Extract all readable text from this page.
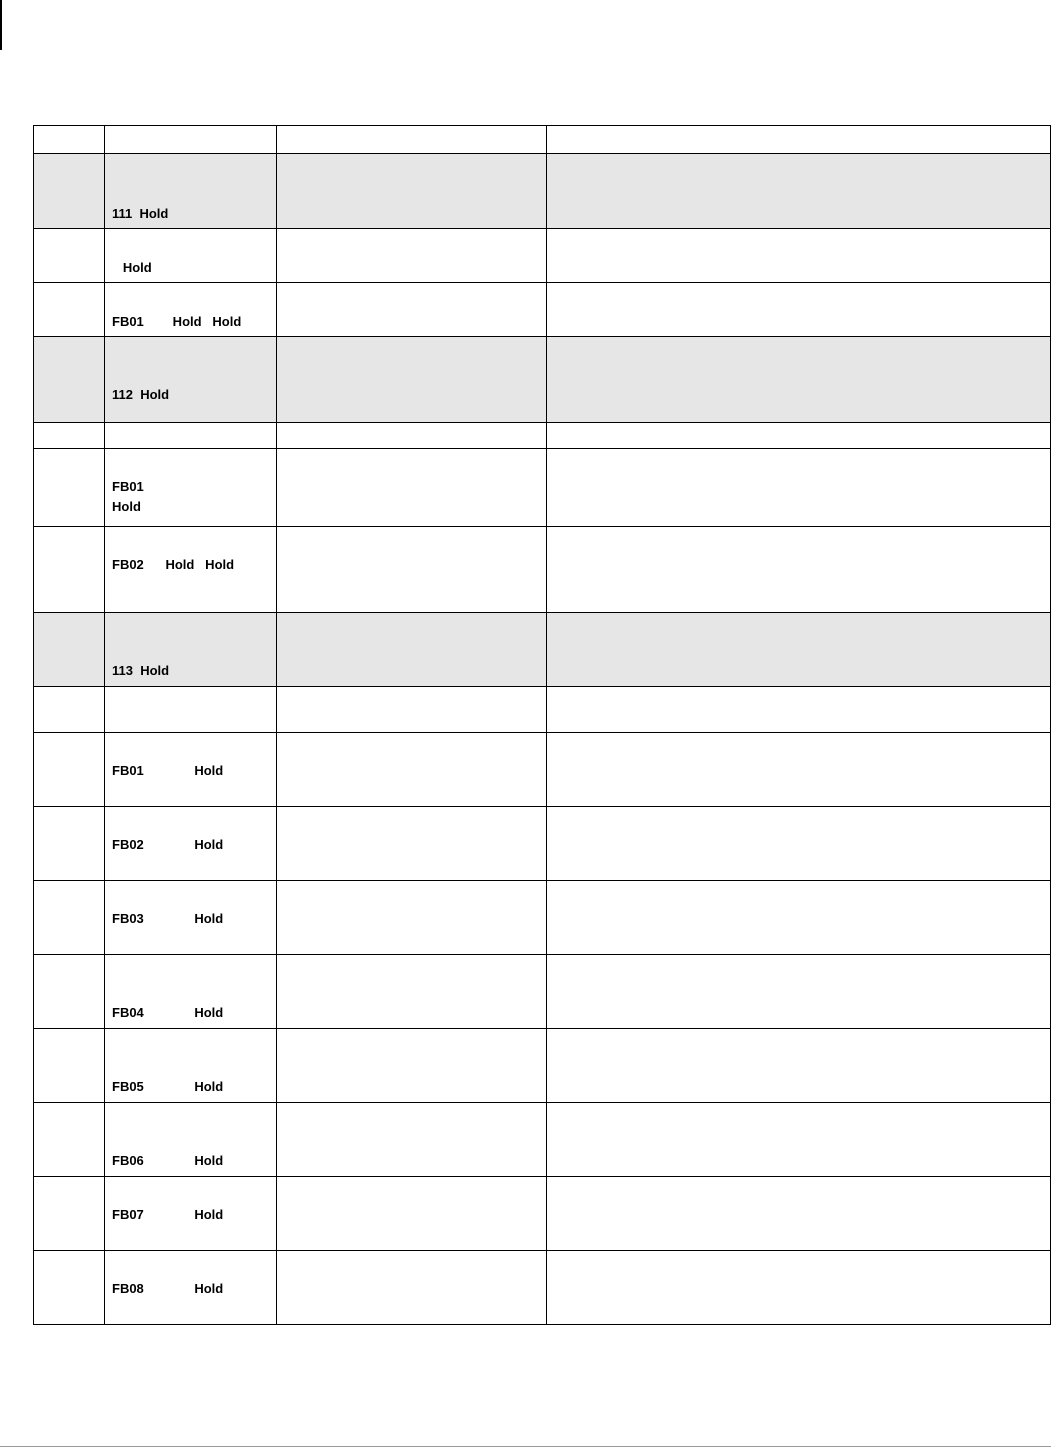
	111  Hold		

	Hold		

	FB01        Hold   Hold		

	112  Hold		

	FB01
Hold		

	FB02      Hold   Hold		

	113  Hold		

	FB01              Hold		

	FB02              Hold		

	FB03              Hold		

	FB04              Hold		

	FB05              Hold		

	FB06              Hold		

	FB07              Hold		

	FB08              Hold		
